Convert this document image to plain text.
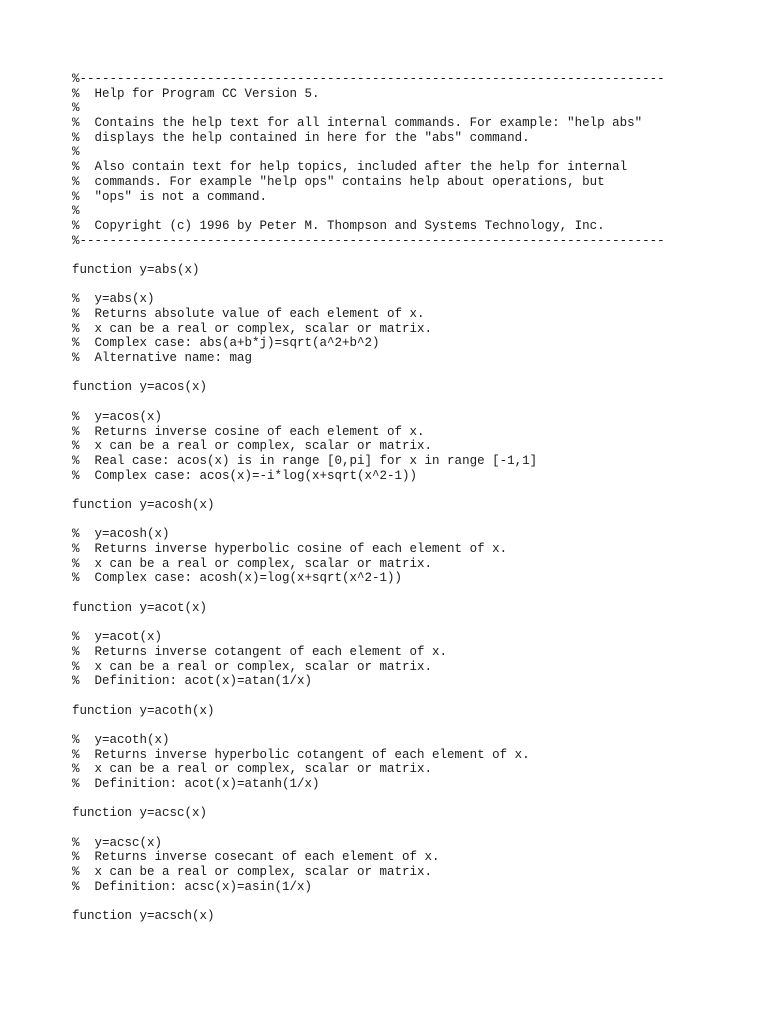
%------------------------------------------------------------------------------
%  Help for Program CC Version 5.
%
%  Contains the help text for all internal commands. For example: "help abs"
%  displays the help contained in here for the "abs" command.
%
%  Also contain text for help topics, included after the help for internal
%  commands. For example "help ops" contains help about operations, but
%  "ops" is not a command.
%
%  Copyright (c) 1996 by Peter M. Thompson and Systems Technology, Inc.
%------------------------------------------------------------------------------
function y=abs(x)
%  y=abs(x)
%  Returns absolute value of each element of x.
%  x can be a real or complex, scalar or matrix.
%  Complex case: abs(a+b*j)=sqrt(a^2+b^2)
%  Alternative name: mag
function y=acos(x)
%  y=acos(x)
%  Returns inverse cosine of each element of x.
%  x can be a real or complex, scalar or matrix.
%  Real case: acos(x) is in range [0,pi] for x in range [-1,1]
%  Complex case: acos(x)=-i*log(x+sqrt(x^2-1))
function y=acosh(x)
%  y=acosh(x)
%  Returns inverse hyperbolic cosine of each element of x.
%  x can be a real or complex, scalar or matrix.
%  Complex case: acosh(x)=log(x+sqrt(x^2-1))
function y=acot(x)
%  y=acot(x)
%  Returns inverse cotangent of each element of x.
%  x can be a real or complex, scalar or matrix.
%  Definition: acot(x)=atan(1/x)
function y=acoth(x)
%  y=acoth(x)
%  Returns inverse hyperbolic cotangent of each element of x.
%  x can be a real or complex, scalar or matrix.
%  Definition: acot(x)=atanh(1/x)
function y=acsc(x)
%  y=acsc(x)
%  Returns inverse cosecant of each element of x.
%  x can be a real or complex, scalar or matrix.
%  Definition: acsc(x)=asin(1/x)
function y=acsch(x)
